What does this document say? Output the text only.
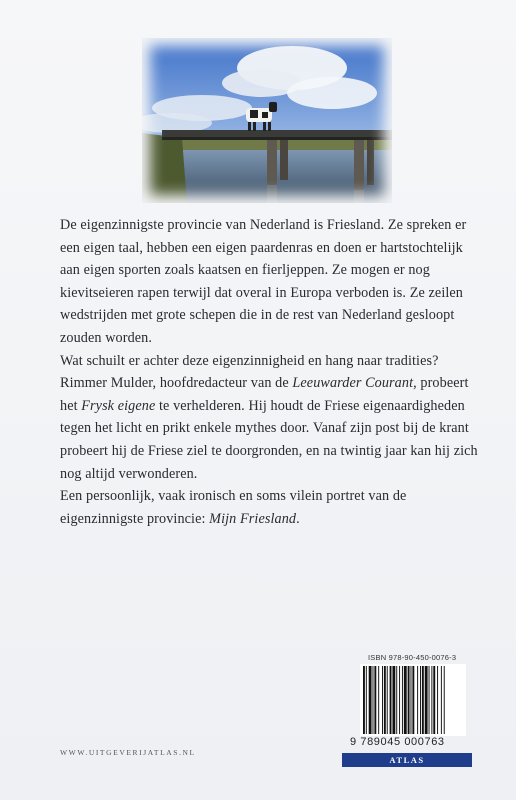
De eigenzinnigste provincie van Nederland is Friesland. Ze spreken er een eigen taal, hebben een eigen paardenras en doen er hartstochtelijk aan eigen sporten zoals kaatsen en fierljeppen. Ze mogen er nog kievitseieren rapen terwijl dat overal in Europa verboden is. Ze zeilen wedstrijden met grote schepen die in de rest van Nederland gesloopt zouden worden.

Wat schuilt er achter deze eigenzinnigheid en hang naar tradities?

Rimmer Mulder, hoofdredacteur van de Leeuwarder Courant, probeert het Frysk eigene te verhelderen. Hij houdt de Friese eigenaardigheden tegen het licht en prikt enkele mythes door. Vanaf zijn post bij de krant probeert hij de Friese ziel te doorgronden, en na twintig jaar kan hij zich nog altijd verwonderen.

Een persoonlijk, vaak ironisch en soms vilein portret van de eigenzinnigste provincie: Mijn Friesland.

WWW.UITGEVERIJATLAS.NL
ISBN 978-90-450-0076-3
9 789045 000763
ATLAS
